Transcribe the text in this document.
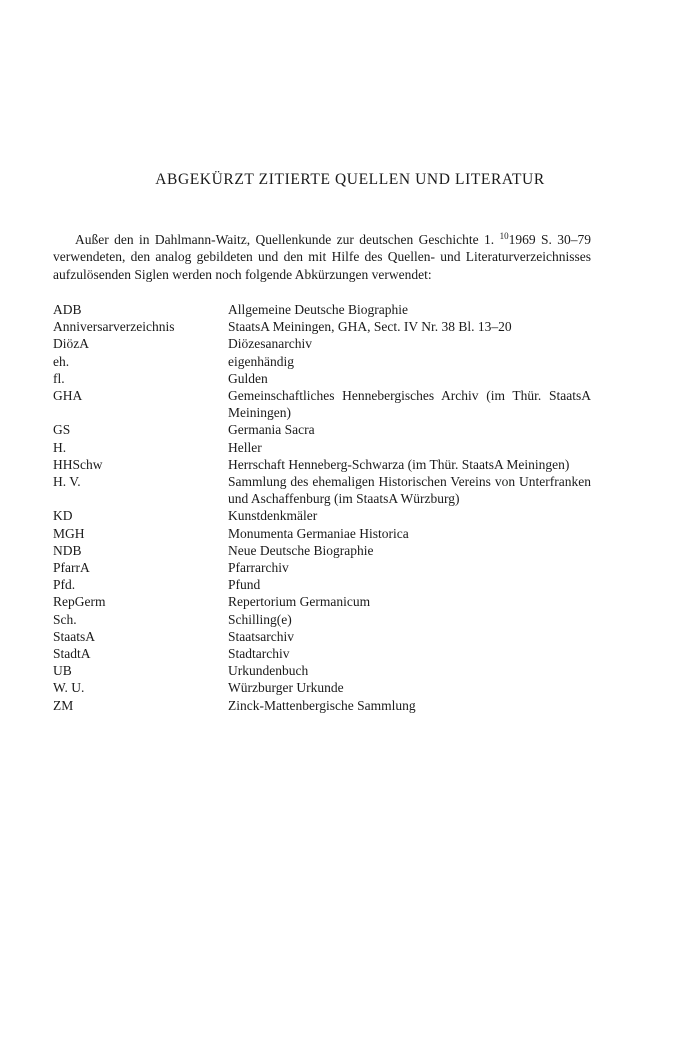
ABGEKÜRZT ZITIERTE QUELLEN UND LITERATUR

Außer den in Dahlmann-Waitz, Quellenkunde zur deutschen Geschichte 1. $^{10}$1969 S. 30–79 verwendeten, den analog gebildeten und den mit Hilfe des Quellen- und Literaturverzeichnisses aufzulösenden Siglen werden noch folgende Abkürzungen verwendet:

ADB	Allgemeine Deutsche Biographie
Anniversarverzeichnis	StaatsA Meiningen, GHA, Sect. IV Nr. 38 Bl. 13–20
DiözA	Diözesanarchiv
eh.	eigenhändig
fl.	Gulden
GHA	Gemeinschaftliches Hennebergisches Archiv (im Thür. StaatsA Meiningen)
GS	Germania Sacra
H.	Heller
HHSchw	Herrschaft Henneberg-Schwarza (im Thür. StaatsA Meiningen)
H. V.	Sammlung des ehemaligen Historischen Vereins von Unterfranken und Aschaffenburg (im StaatsA Würzburg)
KD	Kunstdenkmäler
MGH	Monumenta Germaniae Historica
NDB	Neue Deutsche Biographie
PfarrA	Pfarrarchiv
Pfd.	Pfund
RepGerm	Repertorium Germanicum
Sch.	Schilling(e)
StaatsA	Staatsarchiv
StadtA	Stadtarchiv
UB	Urkundenbuch
W. U.	Würzburger Urkunde
ZM	Zinck-Mattenbergische Sammlung
